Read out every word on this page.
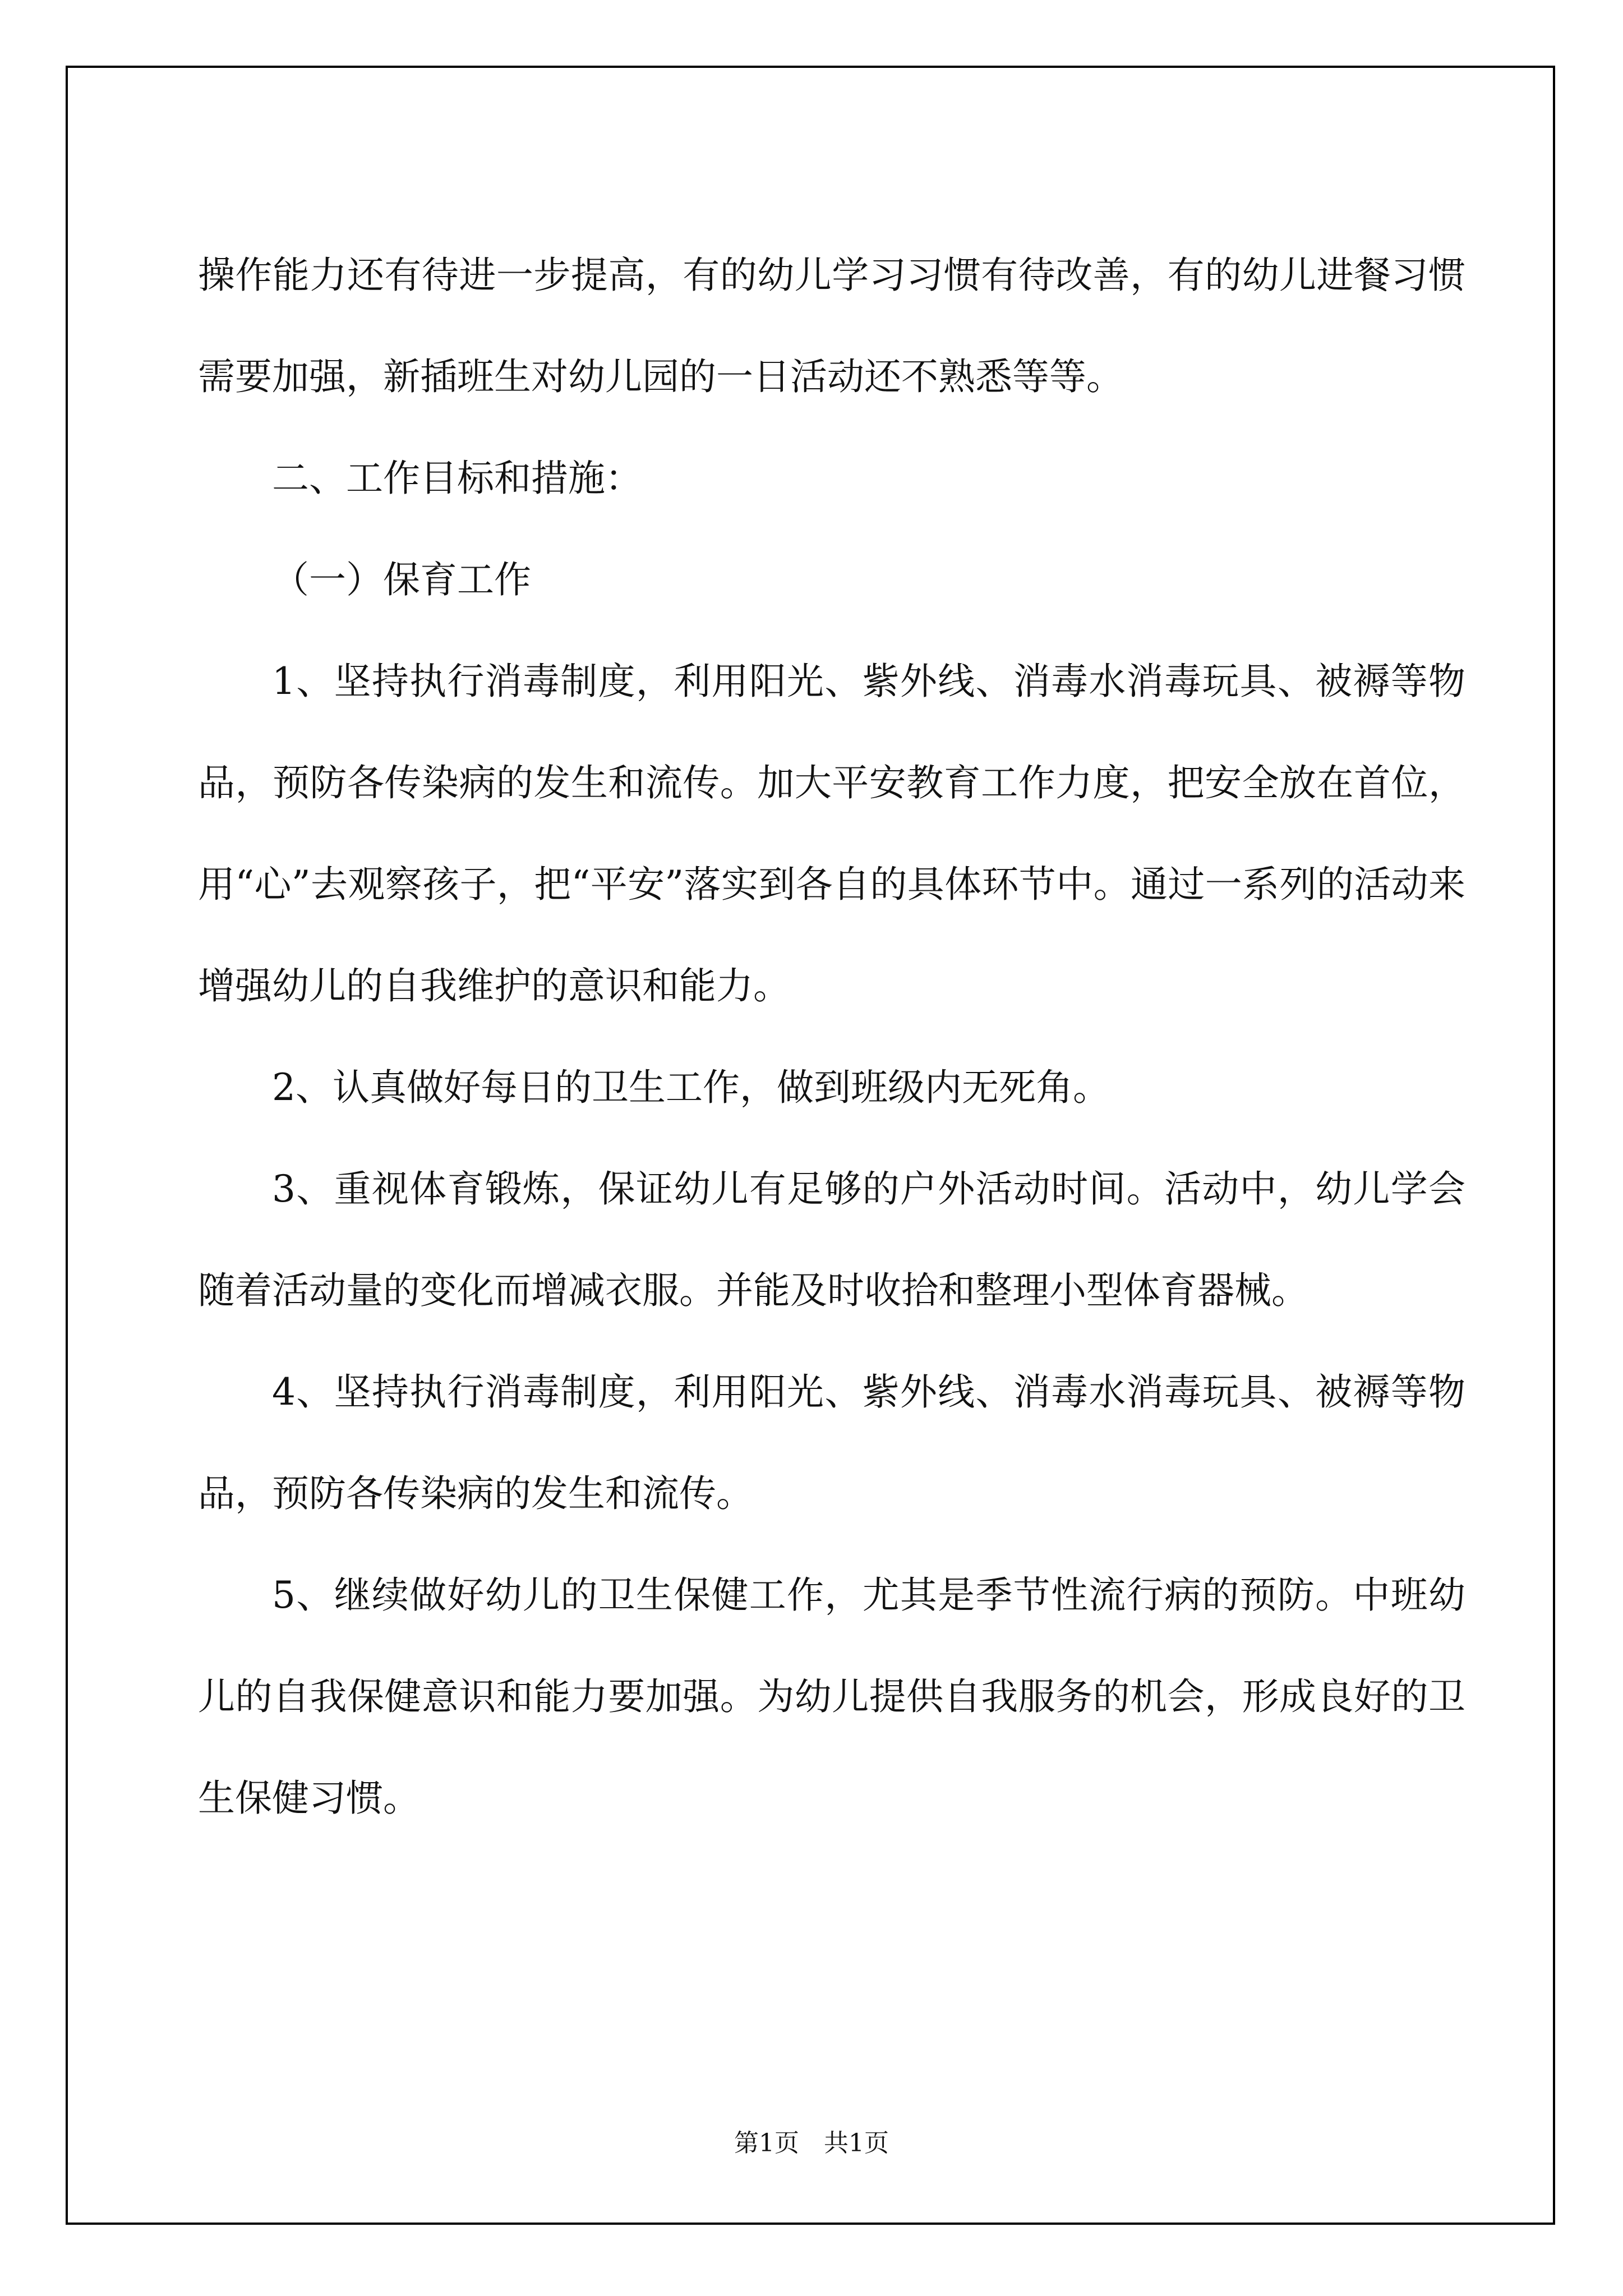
操作能力还有待进一步提高，有的幼儿学习习惯有待改善，有的幼儿进餐习惯需要加强，新插班生对幼儿园的一日活动还不熟悉等等。

二、工作目标和措施：

（一）保育工作

1、坚持执行消毒制度，利用阳光、紫外线、消毒水消毒玩具、被褥等物品，预防各传染病的发生和流传。加大平安教育工作力度，把安全放在首位，用“心”去观察孩子，把“平安”落实到各自的具体环节中。通过一系列的活动来增强幼儿的自我维护的意识和能力。

2、认真做好每日的卫生工作，做到班级内无死角。

3、重视体育锻炼，保证幼儿有足够的户外活动时间。活动中，幼儿学会随着活动量的变化而增减衣服。并能及时收拾和整理小型体育器械。

4、坚持执行消毒制度，利用阳光、紫外线、消毒水消毒玩具、被褥等物品，预防各传染病的发生和流传。

5、继续做好幼儿的卫生保健工作，尤其是季节性流行病的预防。中班幼儿的自我保健意识和能力要加强。为幼儿提供自我服务的机会，形成良好的卫生保健习惯。

第1页 共1页
